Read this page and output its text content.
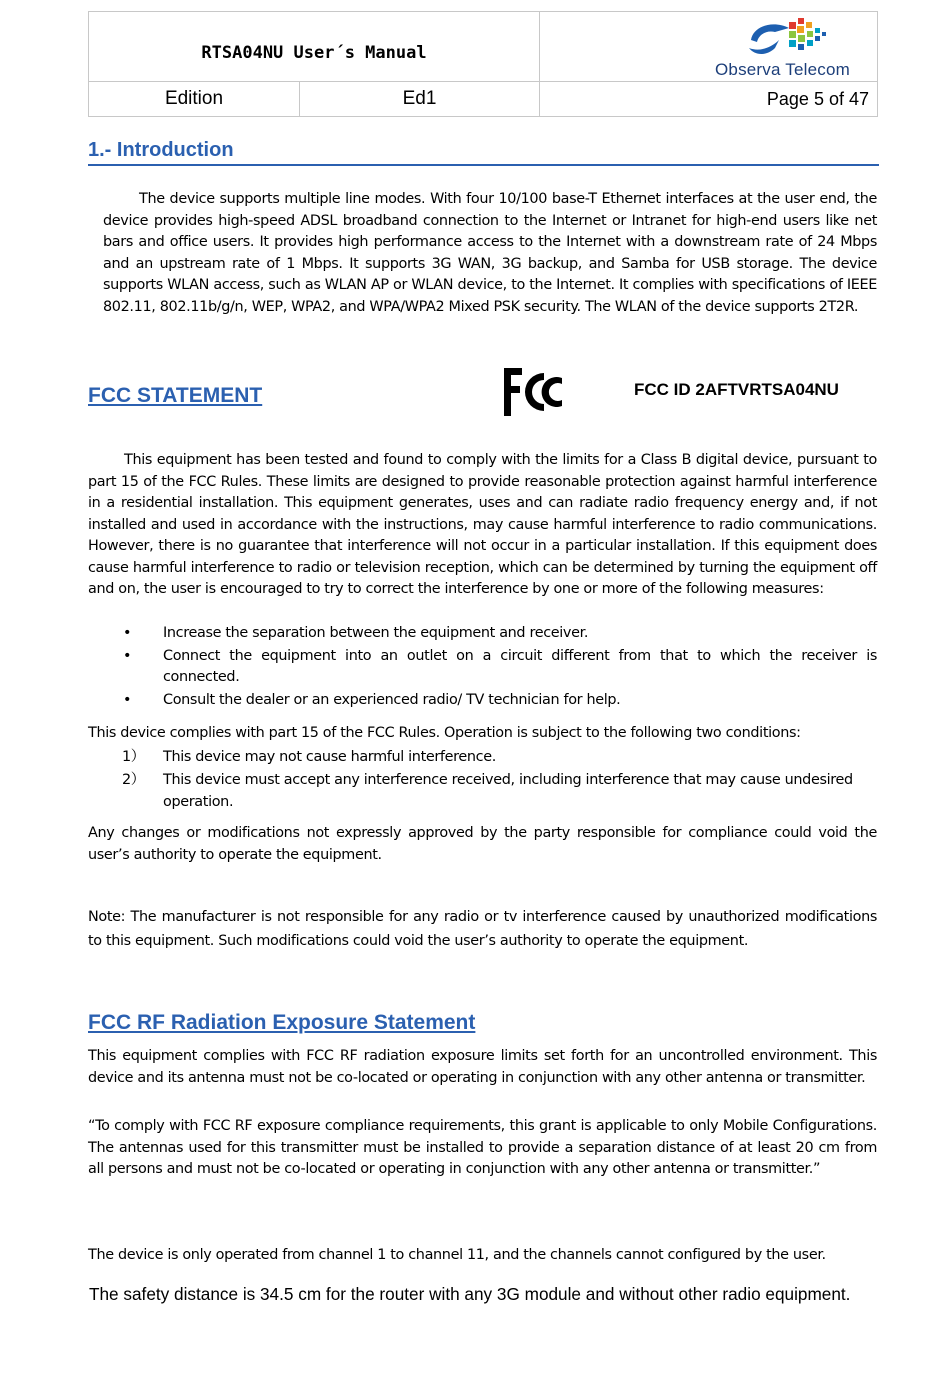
RTSA04NU User´s Manual
Edition	Ed1	Page 5 of 47
Observa Telecom
1.- Introduction
The device supports multiple line modes. With four 10/100 base-T Ethernet interfaces at the user end, the device provides high-speed ADSL broadband connection to the Internet or Intranet for high-end users like net bars and office users. It provides high performance access to the Internet with a downstream rate of 24 Mbps and an upstream rate of 1 Mbps. It supports 3G WAN, 3G backup, and Samba for USB storage. The device supports WLAN access, such as WLAN AP or WLAN device, to the Internet. It complies with specifications of IEEE 802.11, 802.11b/g/n, WEP, WPA2, and WPA/WPA2 Mixed PSK security. The WLAN of the device supports 2T2R.
FCC STATEMENT	FCC ID 2AFTVRTSA04NU
This equipment has been tested and found to comply with the limits for a Class B digital device, pursuant to part 15 of the FCC Rules. These limits are designed to provide reasonable protection against harmful interference in a residential installation. This equipment generates, uses and can radiate radio frequency energy and, if not installed and used in accordance with the instructions, may cause harmful interference to radio communications. However, there is no guarantee that interference will not occur in a particular installation. If this equipment does cause harmful interference to radio or television reception, which can be determined by turning the equipment off and on, the user is encouraged to try to correct the interference by one or more of the following measures:
• Increase the separation between the equipment and receiver.
• Connect the equipment into an outlet on a circuit different from that to which the receiver is connected.
• Consult the dealer or an experienced radio/ TV technician for help.
This device complies with part 15 of the FCC Rules. Operation is subject to the following two conditions:
1） This device may not cause harmful interference.
2） This device must accept any interference received, including interference that may cause undesired operation.
Any changes or modifications not expressly approved by the party responsible for compliance could void the user’s authority to operate the equipment.
Note: The manufacturer is not responsible for any radio or tv interference caused by unauthorized modifications to this equipment. Such modifications could void the user’s authority to operate the equipment.
FCC RF Radiation Exposure Statement
This equipment complies with FCC RF radiation exposure limits set forth for an uncontrolled environment. This device and its antenna must not be co-located or operating in conjunction with any other antenna or transmitter.
“To comply with FCC RF exposure compliance requirements, this grant is applicable to only Mobile Configurations. The antennas used for this transmitter must be installed to provide a separation distance of at least 20 cm from all persons and must not be co-located or operating in conjunction with any other antenna or transmitter.”
The device is only operated from channel 1 to channel 11, and the channels cannot configured by the user.
The safety distance is 34.5 cm for the router with any 3G module and without other radio equipment.
